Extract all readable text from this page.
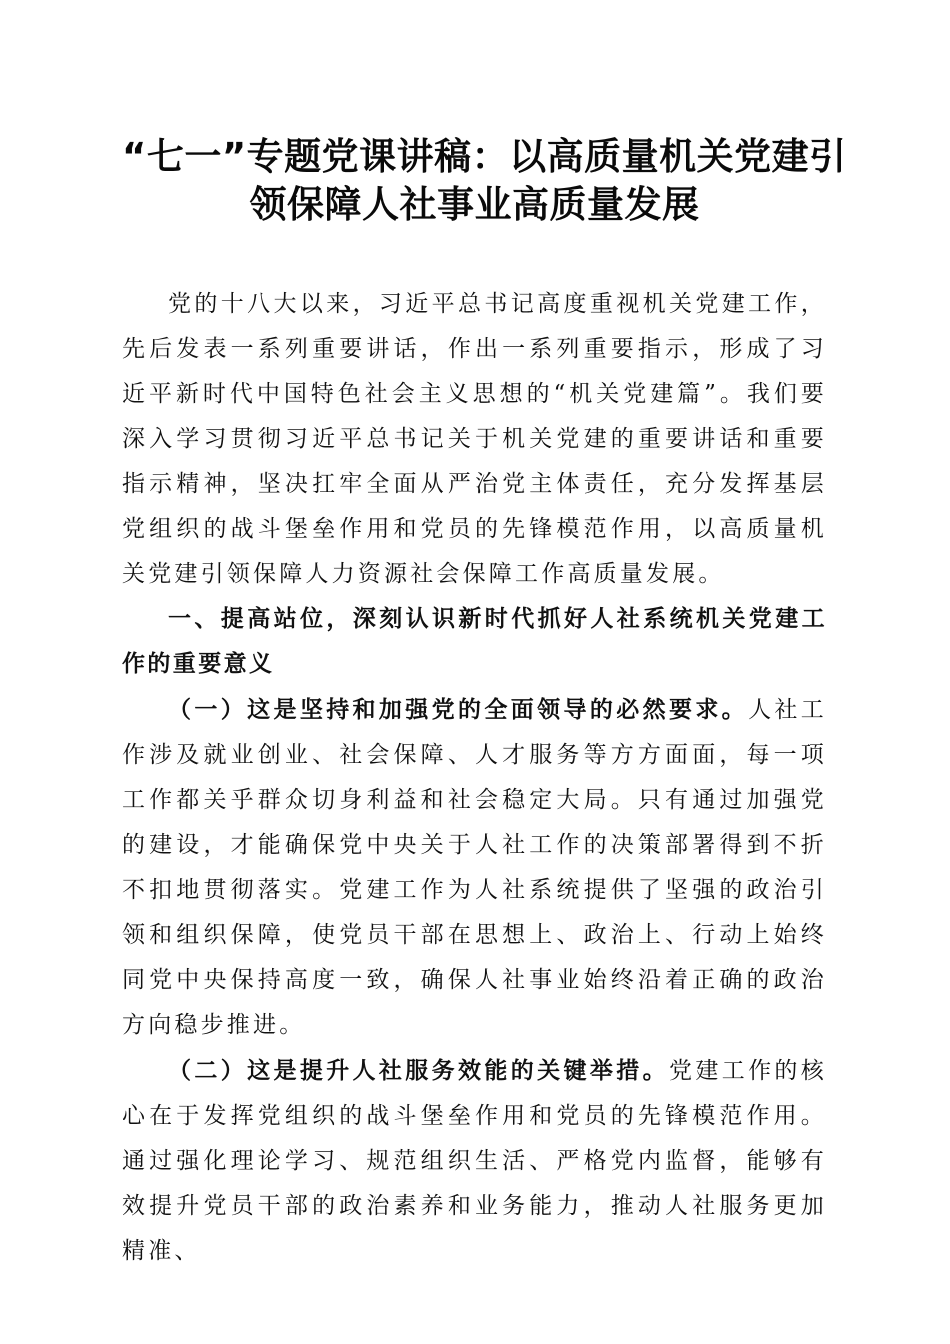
“七一”专题党课讲稿：以高质量机关党建引
领保障人社事业高质量发展

党的十八大以来，习近平总书记高度重视机关党建工作，先后发表一系列重要讲话，作出一系列重要指示，形成了习近平新时代中国特色社会主义思想的“机关党建篇”。我们要深入学习贯彻习近平总书记关于机关党建的重要讲话和重要指示精神，坚决扛牢全面从严治党主体责任，充分发挥基层党组织的战斗堡垒作用和党员的先锋模范作用，以高质量机关党建引领保障人力资源社会保障工作高质量发展。

一、提高站位，深刻认识新时代抓好人社系统机关党建工作的重要意义

（一）这是坚持和加强党的全面领导的必然要求。人社工作涉及就业创业、社会保障、人才服务等方方面面，每一项工作都关乎群众切身利益和社会稳定大局。只有通过加强党的建设，才能确保党中央关于人社工作的决策部署得到不折不扣地贯彻落实。党建工作为人社系统提供了坚强的政治引领和组织保障，使党员干部在思想上、政治上、行动上始终同党中央保持高度一致，确保人社事业始终沿着正确的政治方向稳步推进。

（二）这是提升人社服务效能的关键举措。党建工作的核心在于发挥党组织的战斗堡垒作用和党员的先锋模范作用。通过强化理论学习、规范组织生活、严格党内监督，能够有效提升党员干部的政治素养和业务能力，推动人社服务更加精准、
